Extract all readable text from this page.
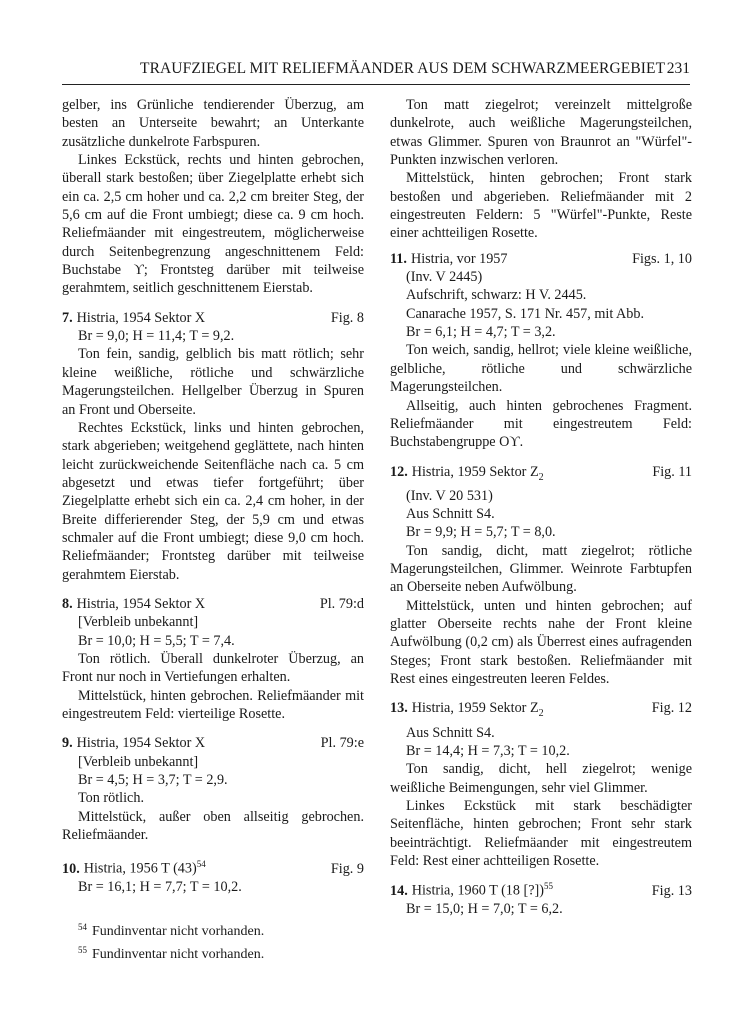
TRAUFZIEGEL MIT RELIEFMÄANDER AUS DEM SCHWARZMEERGEBIET 231

gelber, ins Grünliche tendierender Überzug, am besten an Unterseite bewahrt; an Unterkante zusätzliche dunkelrote Farbspuren.

Linkes Eckstück, rechts und hinten gebrochen, überall stark bestoßen; über Ziegelplatte erhebt sich ein ca. 2,5 cm hoher und ca. 2,2 cm breiter Steg, der 5,6 cm auf die Front umbiegt; diese ca. 9 cm hoch. Reliefmäander mit eingestreutem, möglicherweise durch Seitenbegrenzung angeschnittenem Feld: Buchstabe ϒ; Frontsteg darüber mit teilweise gerahmtem, seitlich geschnittenem Eierstab.

7. Histria, 1954 Sektor X	Fig. 8

Br = 9,0; H = 11,4; T = 9,2.

Ton fein, sandig, gelblich bis matt rötlich; sehr kleine weißliche, rötliche und schwärzliche Magerungsteilchen. Hellgelber Überzug in Spuren an Front und Oberseite.

Rechtes Eckstück, links und hinten gebrochen, stark abgerieben; weitgehend geglättete, nach hinten leicht zurückweichende Seitenfläche nach ca. 5 cm abgesetzt und etwas tiefer fortgeführt; über Ziegelplatte erhebt sich ein ca. 2,4 cm hoher, in der Breite differierender Steg, der 5,9 cm und etwas schmaler auf die Front umbiegt; diese 9,0 cm hoch. Reliefmäander; Frontsteg darüber mit teilweise gerahmtem Eierstab.

8. Histria, 1954 Sektor X	Pl. 79:d

[Verbleib unbekannt]

Br = 10,0; H = 5,5; T = 7,4.

Ton rötlich. Überall dunkelroter Überzug, an Front nur noch in Vertiefungen erhalten.

Mittelstück, hinten gebrochen. Reliefmäander mit eingestreutem Feld: vierteilige Rosette.

9. Histria, 1954 Sektor X	Pl. 79:e

[Verbleib unbekannt]

Br = 4,5; H = 3,7; T = 2,9.

Ton rötlich.

Mittelstück, außer oben allseitig gebrochen. Reliefmäander.

10. Histria, 1956 T $(43)^{54}$	Fig. 9

Br = 16,1; H = 7,7; T = 10,2.

Ton matt ziegelrot; vereinzelt mittelgroße dunkelrote, auch weißliche Magerungsteilchen, etwas Glimmer. Spuren von Braunrot an "Würfel"-Punkten inzwischen verloren.

Mittelstück, hinten gebrochen; Front stark bestoßen und abgerieben. Reliefmäander mit 2 eingestreuten Feldern: 5 "Würfel"-Punkte, Reste einer achtteiligen Rosette.

11. Histria, vor 1957	Figs. 1, 10

(Inv. V 2445)

Aufschrift, schwarz: H V. 2445.

Canarache 1957, S. 171 Nr. 457, mit Abb.

Br = 6,1; H = 4,7; T = 3,2.

Ton weich, sandig, hellrot; viele kleine weißliche, gelbliche, rötliche und schwärzliche Magerungsteilchen.

Allseitig, auch hinten gebrochenes Fragment. Reliefmäander mit eingestreutem Feld: Buchstabengruppe Oϒ.

12. Histria, 1959 Sektor $Z_2$	Fig. 11

(Inv. V 20 531)

Aus Schnitt S4.

Br = 9,9; H = 5,7; T = 8,0.

Ton sandig, dicht, matt ziegelrot; rötliche Magerungsteilchen, Glimmer. Weinrote Farbtupfen an Oberseite neben Aufwölbung.

Mittelstück, unten und hinten gebrochen; auf glatter Oberseite rechts nahe der Front kleine Aufwölbung (0,2 cm) als Überrest eines aufragenden Steges; Front stark bestoßen. Reliefmäander mit Rest eines eingestreuten leeren Feldes.

13. Histria, 1959 Sektor $Z_2$	Fig. 12

Aus Schnitt S4.

Br = 14,4; H = 7,3; T = 10,2.

Ton sandig, dicht, hell ziegelrot; wenige weißliche Beimengungen, sehr viel Glimmer.

Linkes Eckstück mit stark beschädigter Seitenfläche, hinten gebrochen; Front sehr stark beeinträchtigt. Reliefmäander mit eingestreutem Feld: Rest einer achtteiligen Rosette.

14. Histria, 1960 T (18 [?])$^{55}$	Fig. 13

Br = 15,0; H = 7,0; T = 6,2.

$^{54}$ Fundinventar nicht vorhanden.
$^{55}$ Fundinventar nicht vorhanden.
